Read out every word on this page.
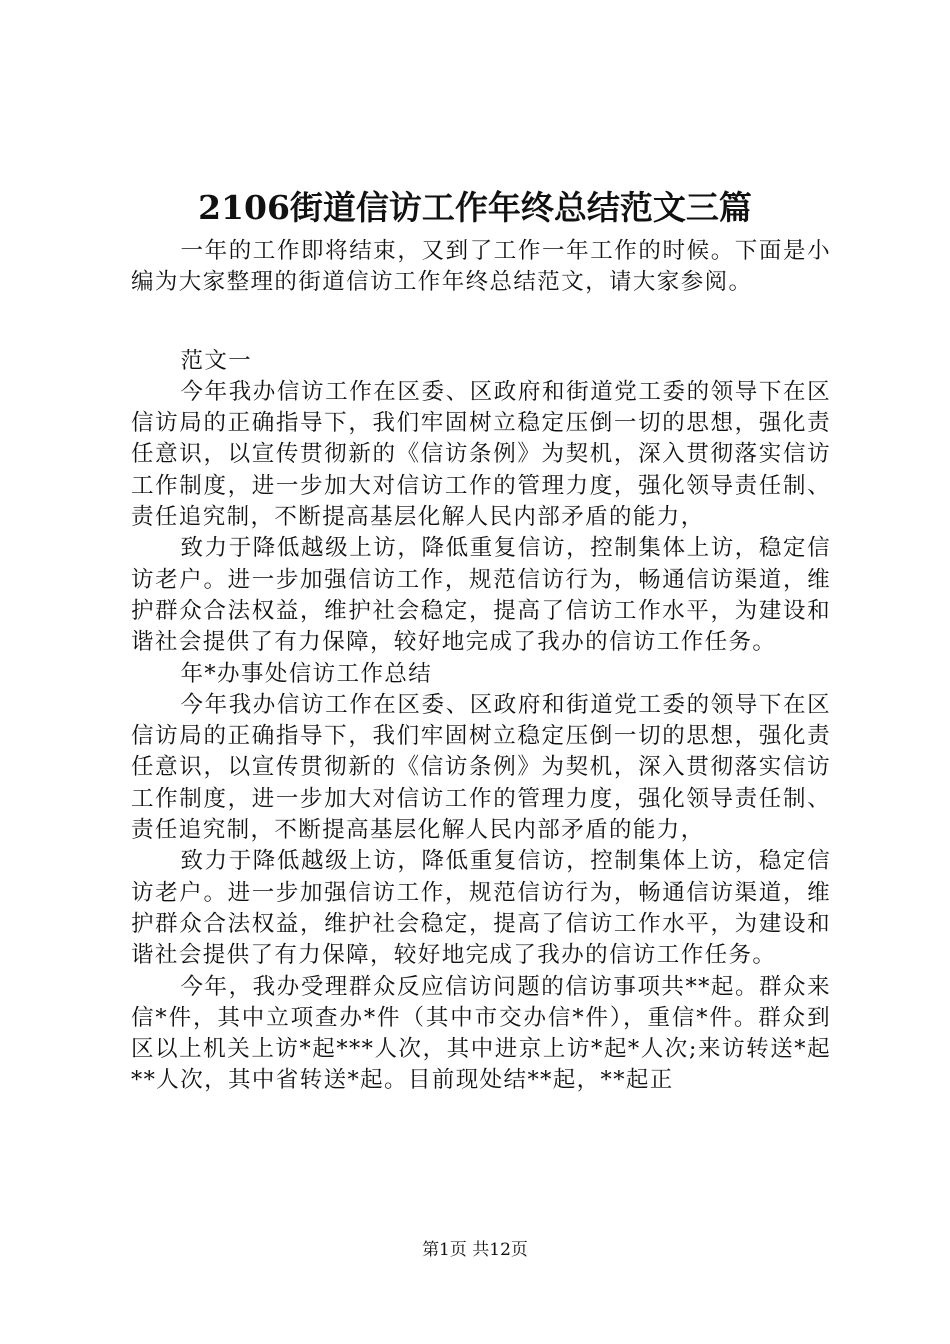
2106街道信访工作年终总结范文三篇

一年的工作即将结束，又到了工作一年工作的时候。下面是小编为大家整理的街道信访工作年终总结范文，请大家参阅。

范文一

今年我办信访工作在区委、区政府和街道党工委的领导下在区信访局的正确指导下，我们牢固树立稳定压倒一切的思想，强化责任意识，以宣传贯彻新的《信访条例》为契机，深入贯彻落实信访工作制度，进一步加大对信访工作的管理力度，强化领导责任制、责任追究制，不断提高基层化解人民内部矛盾的能力，

致力于降低越级上访，降低重复信访，控制集体上访，稳定信访老户。进一步加强信访工作，规范信访行为，畅通信访渠道，维护群众合法权益，维护社会稳定，提高了信访工作水平，为建设和谐社会提供了有力保障，较好地完成了我办的信访工作任务。

年*办事处信访工作总结

今年我办信访工作在区委、区政府和街道党工委的领导下在区信访局的正确指导下，我们牢固树立稳定压倒一切的思想，强化责任意识，以宣传贯彻新的《信访条例》为契机，深入贯彻落实信访工作制度，进一步加大对信访工作的管理力度，强化领导责任制、责任追究制，不断提高基层化解人民内部矛盾的能力，

致力于降低越级上访，降低重复信访，控制集体上访，稳定信访老户。进一步加强信访工作，规范信访行为，畅通信访渠道，维护群众合法权益，维护社会稳定，提高了信访工作水平，为建设和谐社会提供了有力保障，较好地完成了我办的信访工作任务。

今年，我办受理群众反应信访问题的信访事项共**起。群众来信*件，其中立项查办*件（其中市交办信*件），重信*件。群众到区以上机关上访*起***人次，其中进京上访*起*人次;来访转送*起**人次，其中省转送*起。目前现处结**起，**起正

第1页 共12页
